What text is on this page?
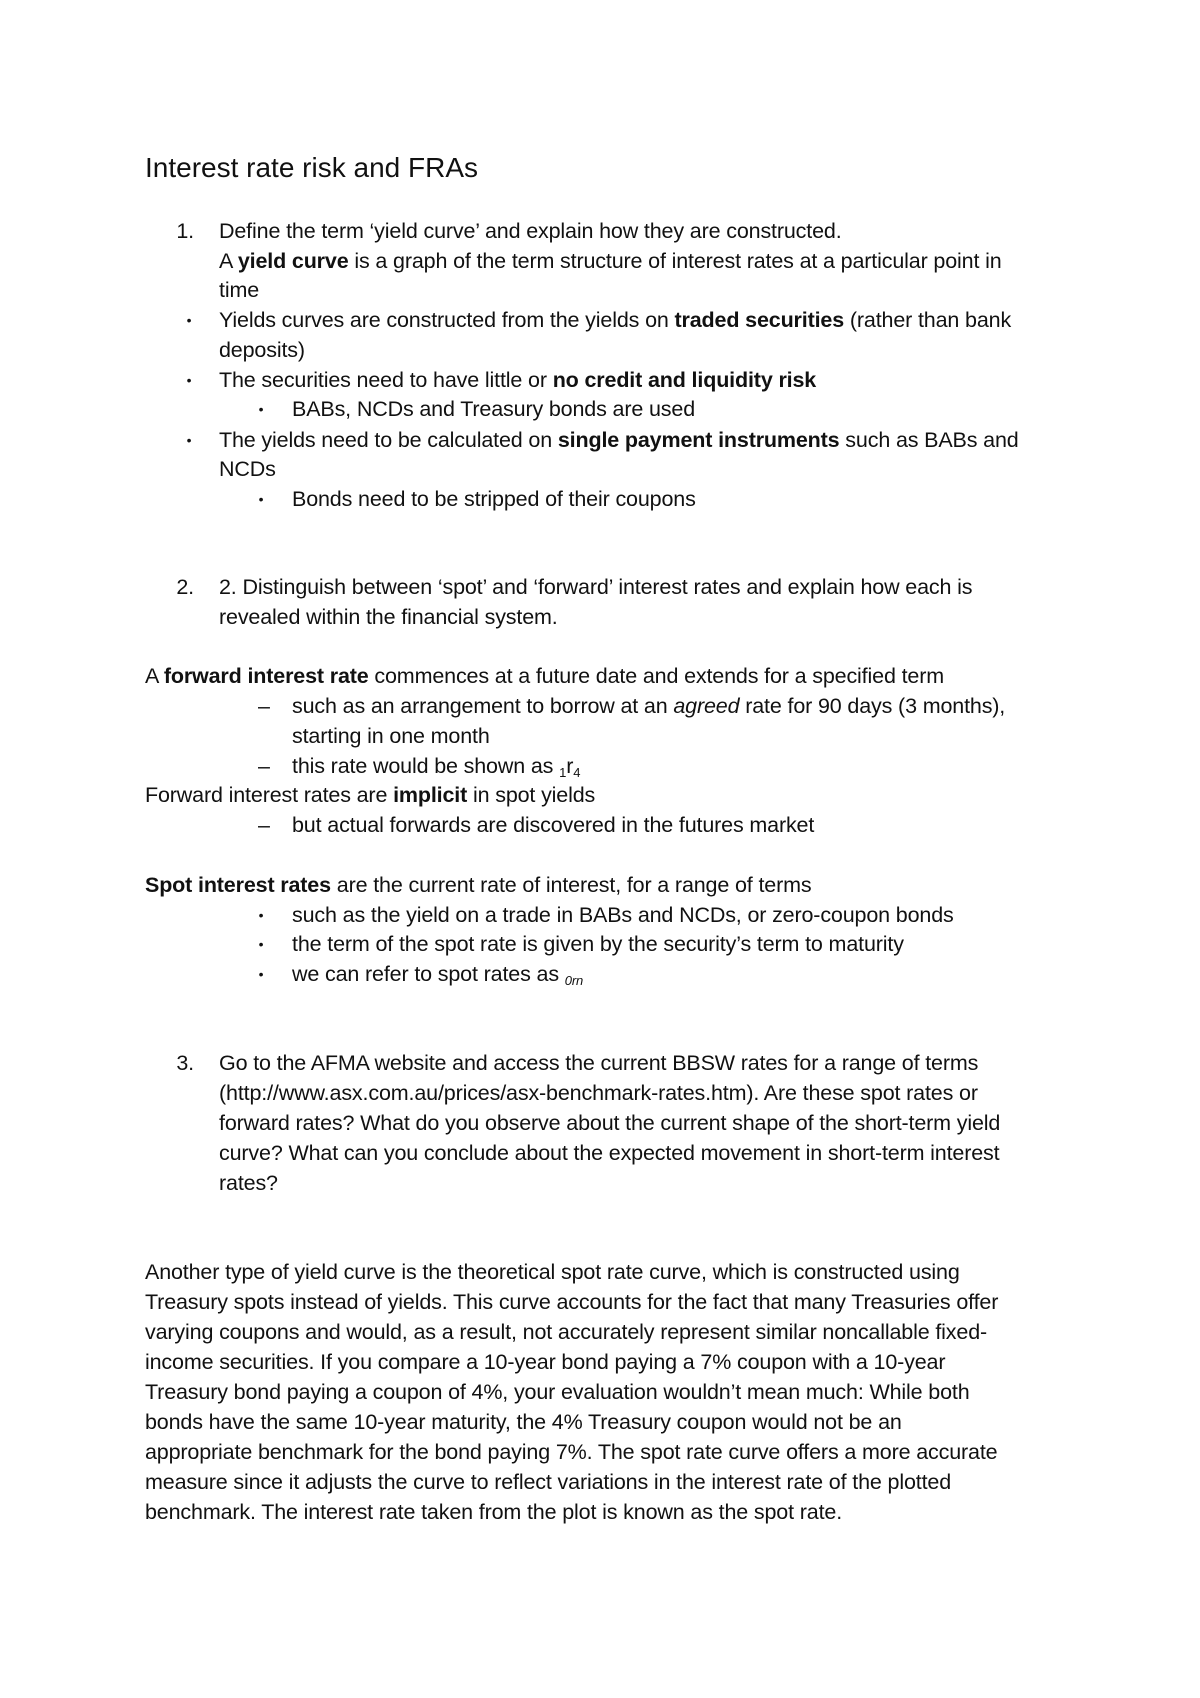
Interest rate risk and FRAs
1. Define the term ‘yield curve’ and explain how they are constructed.
A yield curve is a graph of the term structure of interest rates at a particular point in
time
• Yields curves are constructed from the yields on traded securities (rather than bank
deposits)
• The securities need to have little or no credit and liquidity risk
• BABs, NCDs and Treasury bonds are used
• The yields need to be calculated on single payment instruments such as BABs and
NCDs
• Bonds need to be stripped of their coupons
2. 2. Distinguish between ‘spot’ and ‘forward’ interest rates and explain how each is
revealed within the financial system.
A forward interest rate commences at a future date and extends for a specified term
– such as an arrangement to borrow at an agreed rate for 90 days (3 months),
starting in one month
– this rate would be shown as $_1r_4$
Forward interest rates are implicit in spot yields
– but actual forwards are discovered in the futures market
Spot interest rates are the current rate of interest, for a range of terms
• such as the yield on a trade in BABs and NCDs, or zero-coupon bonds
• the term of the spot rate is given by the security’s term to maturity
• we can refer to spot rates as 0rn
3. Go to the AFMA website and access the current BBSW rates for a range of terms
(http://www.asx.com.au/prices/asx-benchmark-rates.htm). Are these spot rates or
forward rates? What do you observe about the current shape of the short-term yield
curve? What can you conclude about the expected movement in short-term interest
rates?
Another type of yield curve is the theoretical spot rate curve, which is constructed using
Treasury spots instead of yields. This curve accounts for the fact that many Treasuries offer
varying coupons and would, as a result, not accurately represent similar noncallable fixed-
income securities. If you compare a 10-year bond paying a 7% coupon with a 10-year
Treasury bond paying a coupon of 4%, your evaluation wouldn’t mean much: While both
bonds have the same 10-year maturity, the 4% Treasury coupon would not be an
appropriate benchmark for the bond paying 7%. The spot rate curve offers a more accurate
measure since it adjusts the curve to reflect variations in the interest rate of the plotted
benchmark. The interest rate taken from the plot is known as the spot rate.
